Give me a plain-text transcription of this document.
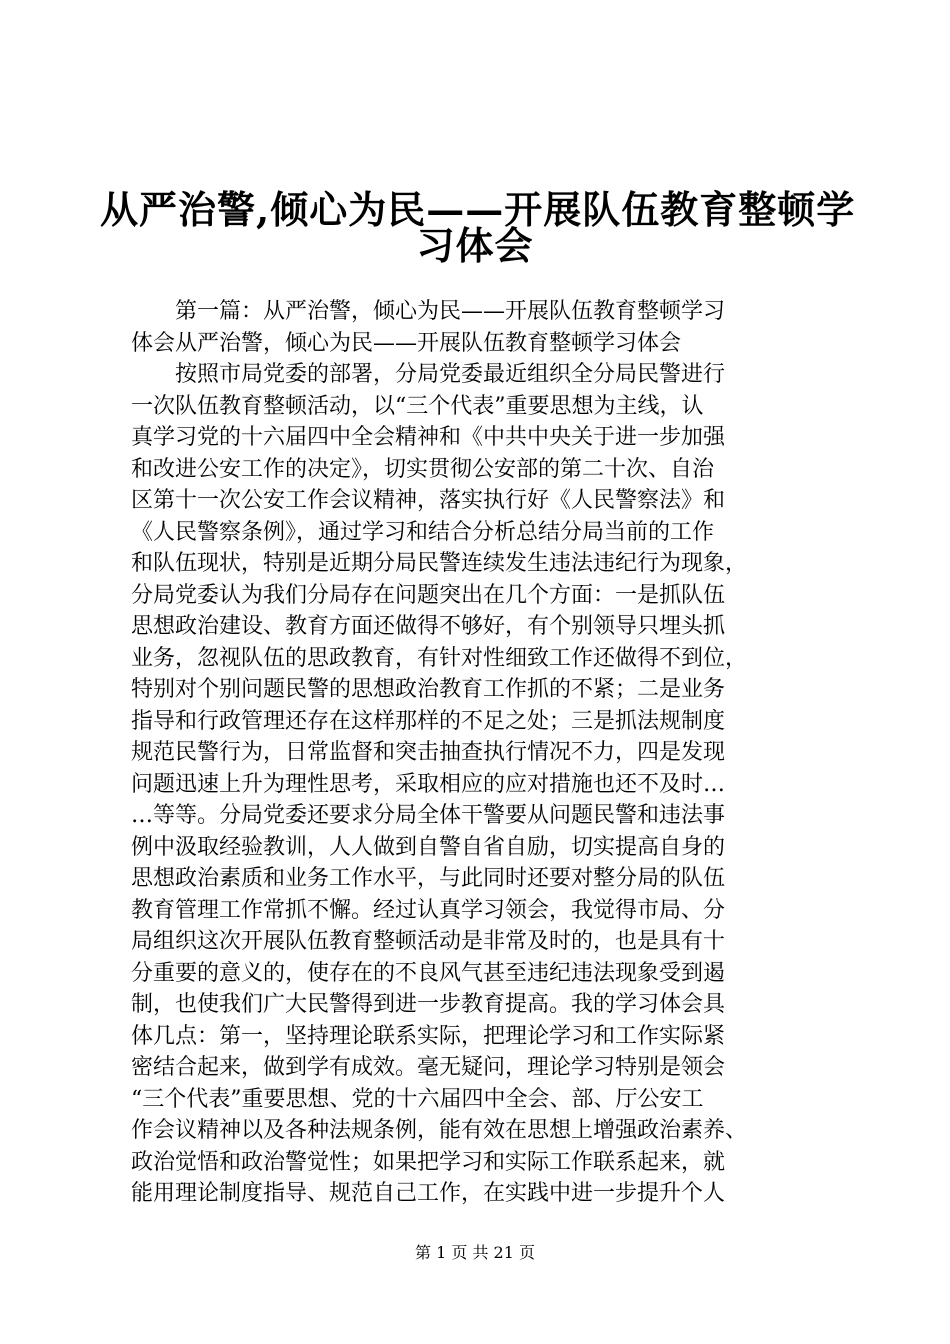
从严治警,倾心为民——开展队伍教育整顿学
习体会
　　第一篇：从严治警，倾心为民——开展队伍教育整顿学习
体会从严治警，倾心为民——开展队伍教育整顿学习体会
　　按照市局党委的部署，分局党委最近组织全分局民警进行
一次队伍教育整顿活动，以“三个代表”重要思想为主线，认
真学习党的十六届四中全会精神和《中共中央关于进一步加强
和改进公安工作的决定》，切实贯彻公安部的第二十次、自治
区第十一次公安工作会议精神，落实执行好《人民警察法》和
《人民警察条例》，通过学习和结合分析总结分局当前的工作
和队伍现状，特别是近期分局民警连续发生违法违纪行为现象，
分局党委认为我们分局存在问题突出在几个方面：一是抓队伍
思想政治建设、教育方面还做得不够好，有个别领导只埋头抓
业务，忽视队伍的思政教育，有针对性细致工作还做得不到位，
特别对个别问题民警的思想政治教育工作抓的不紧；二是业务
指导和行政管理还存在这样那样的不足之处；三是抓法规制度
规范民警行为，日常监督和突击抽查执行情况不力，四是发现
问题迅速上升为理性思考，采取相应的应对措施也还不及时…
…等等。分局党委还要求分局全体干警要从问题民警和违法事
例中汲取经验教训，人人做到自警自省自励，切实提高自身的
思想政治素质和业务工作水平，与此同时还要对整分局的队伍
教育管理工作常抓不懈。经过认真学习领会，我觉得市局、分
局组织这次开展队伍教育整顿活动是非常及时的，也是具有十
分重要的意义的，使存在的不良风气甚至违纪违法现象受到遏
制，也使我们广大民警得到进一步教育提高。我的学习体会具
体几点：第一，坚持理论联系实际，把理论学习和工作实际紧
密结合起来，做到学有成效。毫无疑问，理论学习特别是领会
“三个代表”重要思想、党的十六届四中全会、部、厅公安工
作会议精神以及各种法规条例，能有效在思想上增强政治素养、
政治觉悟和政治警觉性；如果把学习和实际工作联系起来，就
能用理论制度指导、规范自己工作，在实践中进一步提升个人
第 1 页 共 21 页
